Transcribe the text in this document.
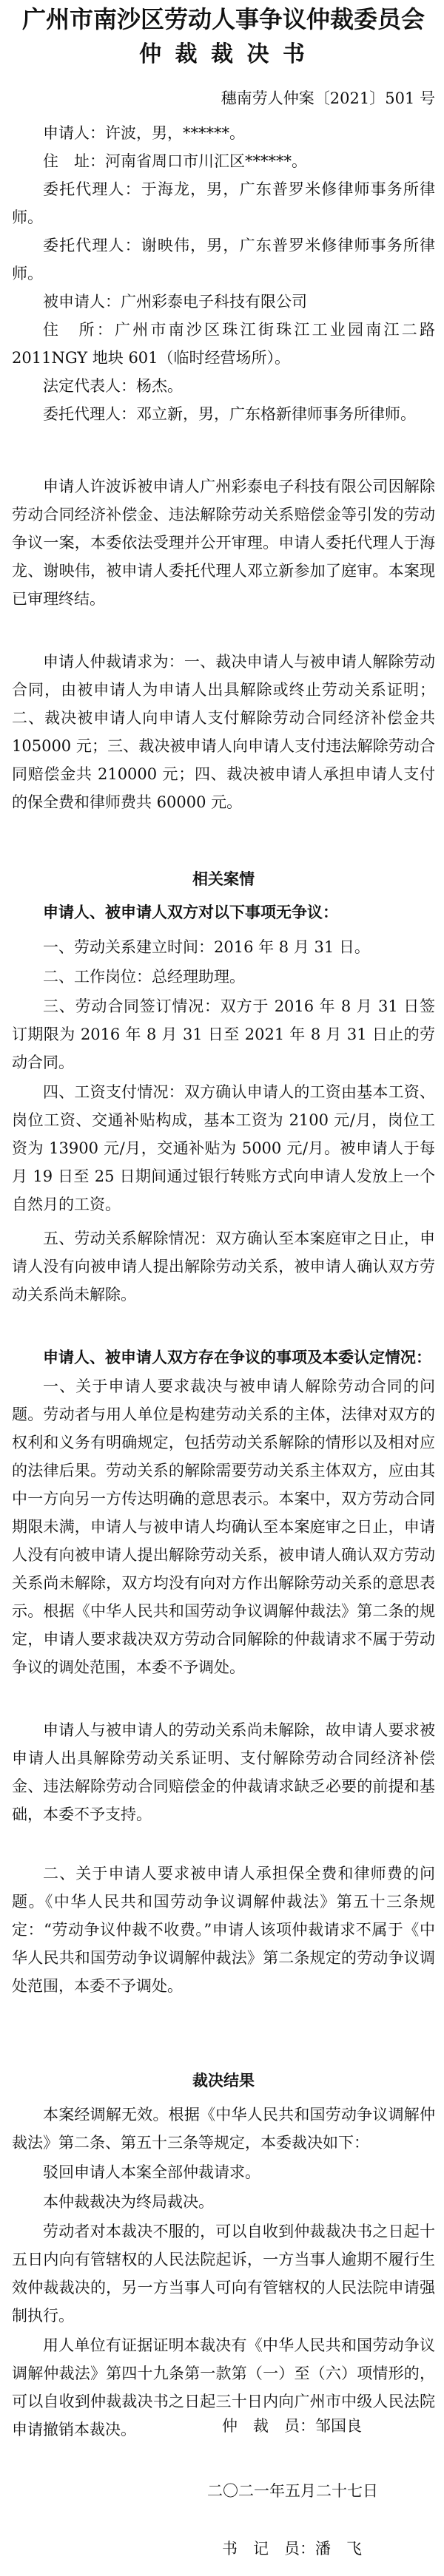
广州市南沙区劳动人事争议仲裁委员会

仲 裁 裁 决 书

穗南劳人仲案〔2021〕501 号

申请人：许波，男，******。

住　址：河南省周口市川汇区******。

委托代理人：于海龙，男，广东普罗米修律师事务所律师。

委托代理人：谢映伟，男，广东普罗米修律师事务所律师。

被申请人：广州彩泰电子科技有限公司

住　所：广州市南沙区珠江街珠江工业园南江二路 2011NGY 地块 601（临时经营场所）。

法定代表人：杨杰。

委托代理人：邓立新，男，广东格新律师事务所律师。

申请人许波诉被申请人广州彩泰电子科技有限公司因解除劳动合同经济补偿金、违法解除劳动关系赔偿金等引发的劳动争议一案，本委依法受理并公开审理。申请人委托代理人于海龙、谢映伟，被申请人委托代理人邓立新参加了庭审。本案现已审理终结。

申请人仲裁请求为：一、裁决申请人与被申请人解除劳动合同，由被申请人为申请人出具解除或终止劳动关系证明；二、裁决被申请人向申请人支付解除劳动合同经济补偿金共 105000 元；三、裁决被申请人向申请人支付违法解除劳动合同赔偿金共 210000 元；四、裁决被申请人承担申请人支付的保全费和律师费共 60000 元。

相关案情

申请人、被申请人双方对以下事项无争议：

一、劳动关系建立时间：2016 年 8 月 31 日。

二、工作岗位：总经理助理。

三、劳动合同签订情况：双方于 2016 年 8 月 31 日签订期限为 2016 年 8 月 31 日至 2021 年 8 月 31 日止的劳动合同。

四、工资支付情况：双方确认申请人的工资由基本工资、岗位工资、交通补贴构成，基本工资为 2100 元/月，岗位工资为 13900 元/月，交通补贴为 5000 元/月。被申请人于每月 19 日至 25 日期间通过银行转账方式向申请人发放上一个自然月的工资。

五、劳动关系解除情况：双方确认至本案庭审之日止，申请人没有向被申请人提出解除劳动关系，被申请人确认双方劳动关系尚未解除。

申请人、被申请人双方存在争议的事项及本委认定情况：

一、关于申请人要求裁决与被申请人解除劳动合同的问题。劳动者与用人单位是构建劳动关系的主体，法律对双方的权利和义务有明确规定，包括劳动关系解除的情形以及相对应的法律后果。劳动关系的解除需要劳动关系主体双方，应由其中一方向另一方传达明确的意思表示。本案中，双方劳动合同期限未满，申请人与被申请人均确认至本案庭审之日止，申请人没有向被申请人提出解除劳动关系，被申请人确认双方劳动关系尚未解除，双方均没有向对方作出解除劳动关系的意思表示。根据《中华人民共和国劳动争议调解仲裁法》第二条的规定，申请人要求裁决双方劳动合同解除的仲裁请求不属于劳动争议的调处范围，本委不予调处。

申请人与被申请人的劳动关系尚未解除，故申请人要求被申请人出具解除劳动关系证明、支付解除劳动合同经济补偿金、违法解除劳动合同赔偿金的仲裁请求缺乏必要的前提和基础，本委不予支持。

二、关于申请人要求被申请人承担保全费和律师费的问题。《中华人民共和国劳动争议调解仲裁法》第五十三条规定：“劳动争议仲裁不收费。”申请人该项仲裁请求不属于《中华人民共和国劳动争议调解仲裁法》第二条规定的劳动争议调处范围，本委不予调处。

裁决结果

本案经调解无效。根据《中华人民共和国劳动争议调解仲裁法》第二条、第五十三条等规定，本委裁决如下：

驳回申请人本案全部仲裁请求。

本仲裁裁决为终局裁决。

劳动者对本裁决不服的，可以自收到仲裁裁决书之日起十五日内向有管辖权的人民法院起诉，一方当事人逾期不履行生效仲裁裁决的，另一方当事人可向有管辖权的人民法院申请强制执行。

用人单位有证据证明本裁决有《中华人民共和国劳动争议调解仲裁法》第四十九条第一款第（一）至（六）项情形的，可以自收到仲裁裁决书之日起三十日内向广州市中级人民法院申请撤销本裁决。	仲　裁　员：邹国良

二〇二一年五月二十七日

书　记　员：潘　飞
